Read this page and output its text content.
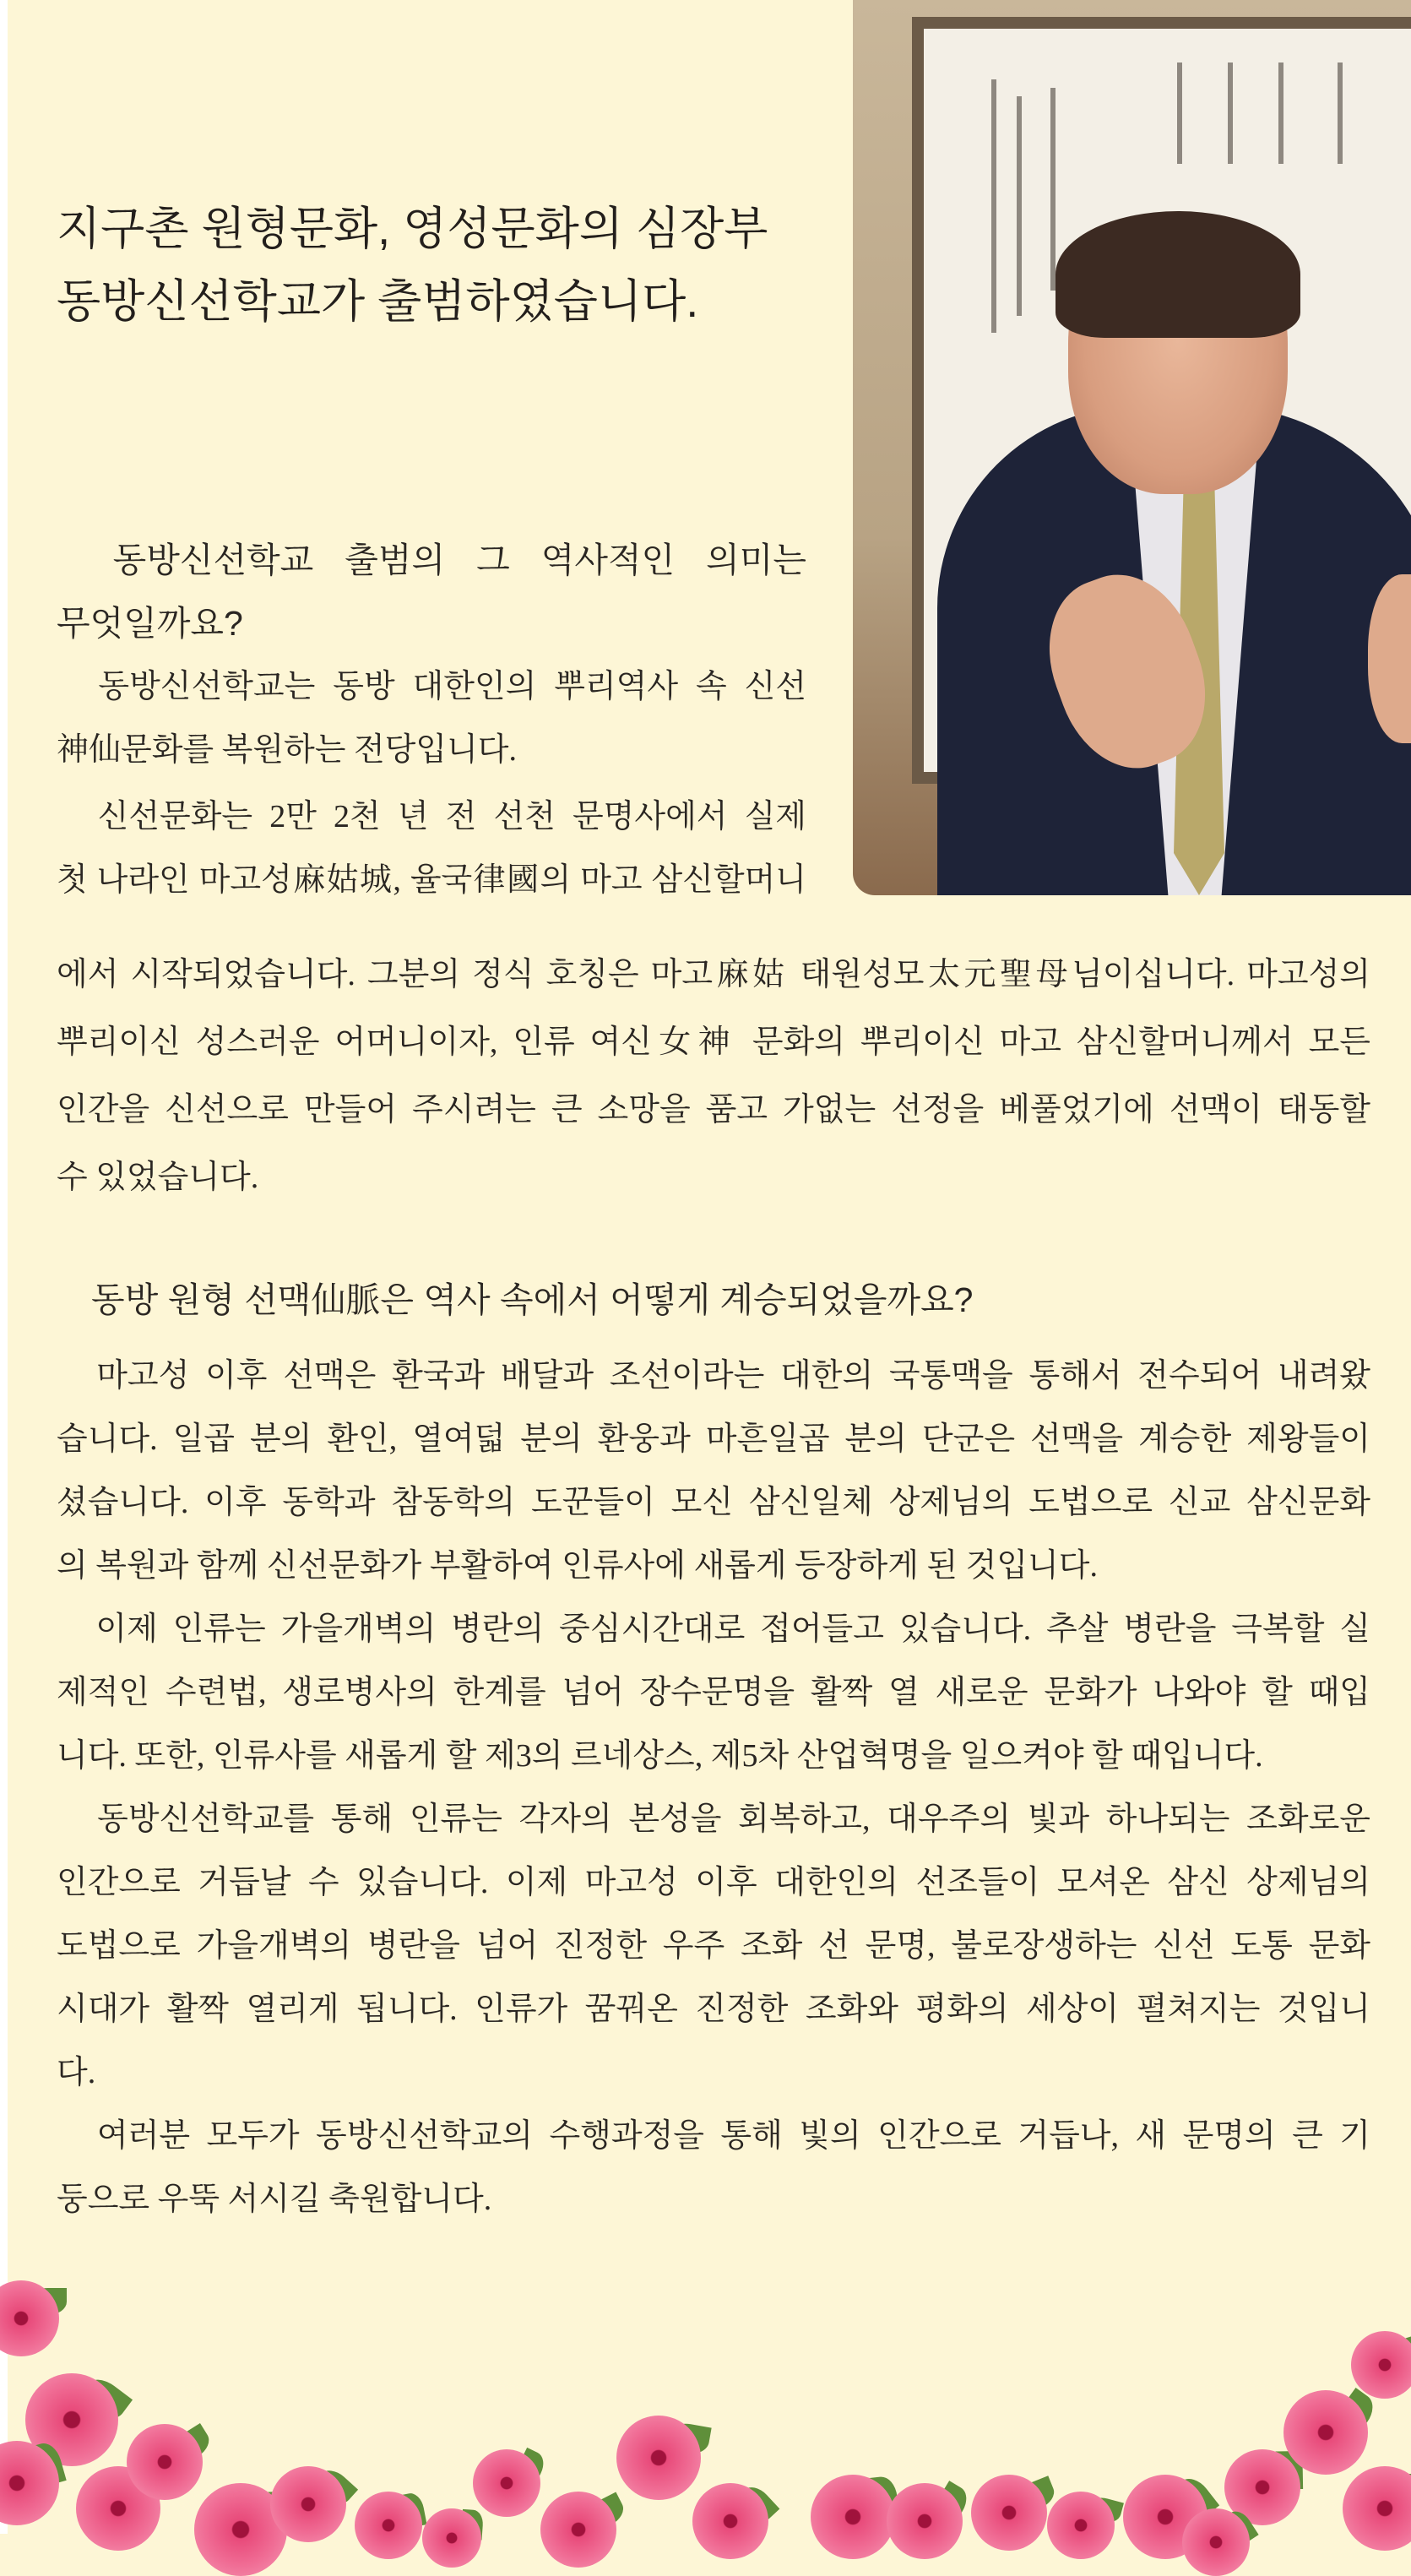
지구촌 원형문화, 영성문화의 심장부
동방신선학교가 출범하였습니다.
　동방신선학교 출범의 그 역사적인 의미는
무엇일까요?
　동방신선학교는 동방 대한인의 뿌리역사 속 신선
神仙문화를 복원하는 전당입니다.
　신선문화는 2만 2천 년 전 선천 문명사에서 실제
첫 나라인 마고성麻姑城, 율국律國의 마고 삼신할머니
에서 시작되었습니다. 그분의 정식 호칭은 마고麻姑 태원성모太元聖母님이십니다. 마고성의
뿌리이신 성스러운 어머니이자, 인류 여신女神 문화의 뿌리이신 마고 삼신할머니께서 모든
인간을 신선으로 만들어 주시려는 큰 소망을 품고 가없는 선정을 베풀었기에 선맥이 태동할
수 있었습니다.
　동방 원형 선맥仙脈은 역사 속에서 어떻게 계승되었을까요?
　마고성 이후 선맥은 환국과 배달과 조선이라는 대한의 국통맥을 통해서 전수되어 내려왔
습니다. 일곱 분의 환인, 열여덟 분의 환웅과 마흔일곱 분의 단군은 선맥을 계승한 제왕들이
셨습니다. 이후 동학과 참동학의 도꾼들이 모신 삼신일체 상제님의 도법으로 신교 삼신문화
의 복원과 함께 신선문화가 부활하여 인류사에 새롭게 등장하게 된 것입니다.
　이제 인류는 가을개벽의 병란의 중심시간대로 접어들고 있습니다. 추살 병란을 극복할 실
제적인 수련법, 생로병사의 한계를 넘어 장수문명을 활짝 열 새로운 문화가 나와야 할 때입
니다. 또한, 인류사를 새롭게 할 제3의 르네상스, 제5차 산업혁명을 일으켜야 할 때입니다.
　동방신선학교를 통해 인류는 각자의 본성을 회복하고, 대우주의 빛과 하나되는 조화로운
인간으로 거듭날 수 있습니다. 이제 마고성 이후 대한인의 선조들이 모셔온 삼신 상제님의
도법으로 가을개벽의 병란을 넘어 진정한 우주 조화 선 문명, 불로장생하는 신선 도통 문화
시대가 활짝 열리게 됩니다. 인류가 꿈꿔온 진정한 조화와 평화의 세상이 펼쳐지는 것입니
다.
　여러분 모두가 동방신선학교의 수행과정을 통해 빛의 인간으로 거듭나, 새 문명의 큰 기
둥으로 우뚝 서시길 축원합니다.
